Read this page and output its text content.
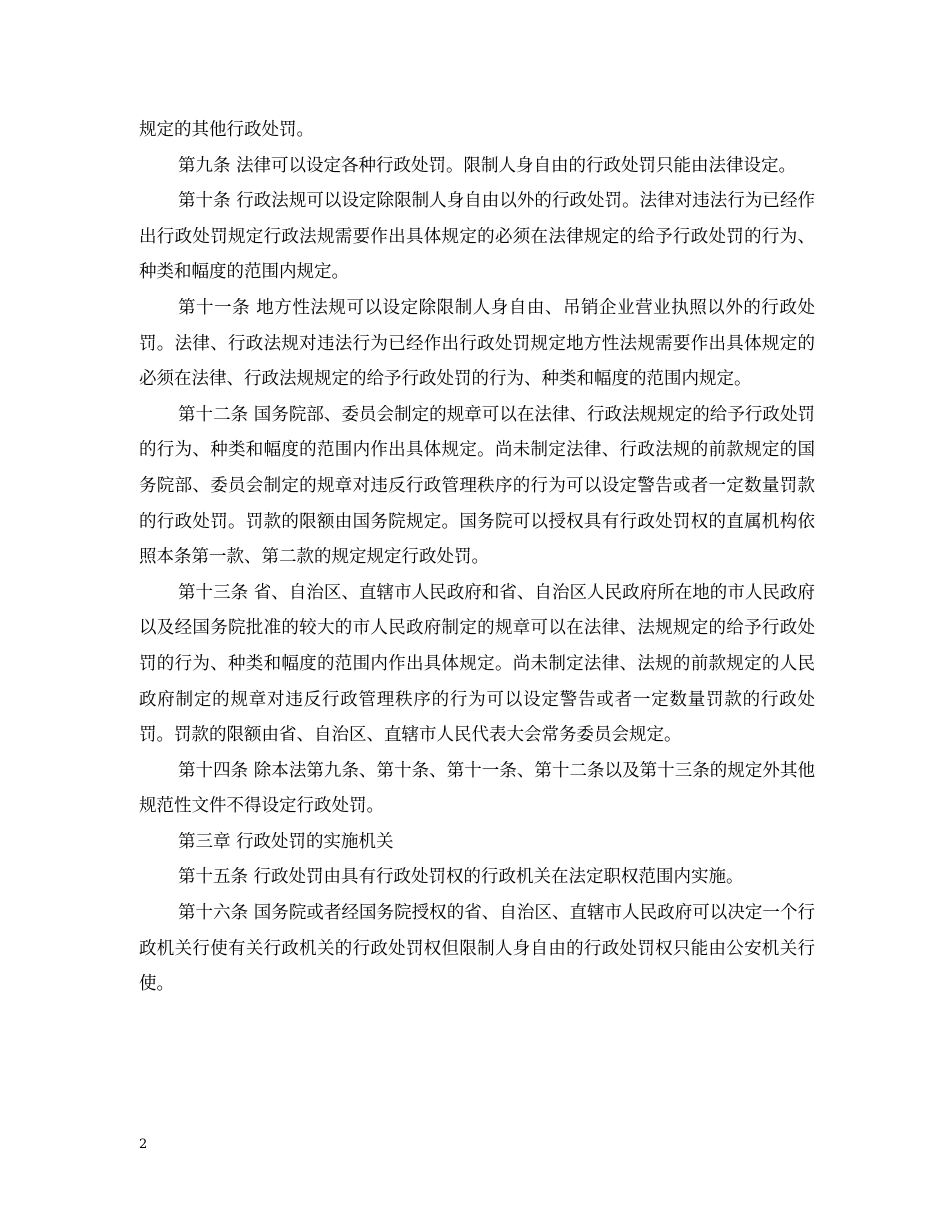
规定的其他行政处罚。

第九条 法律可以设定各种行政处罚。限制人身自由的行政处罚只能由法律设定。

第十条 行政法规可以设定除限制人身自由以外的行政处罚。法律对违法行为已经作出行政处罚规定行政法规需要作出具体规定的必须在法律规定的给予行政处罚的行为、种类和幅度的范围内规定。

第十一条 地方性法规可以设定除限制人身自由、吊销企业营业执照以外的行政处罚。法律、行政法规对违法行为已经作出行政处罚规定地方性法规需要作出具体规定的必须在法律、行政法规规定的给予行政处罚的行为、种类和幅度的范围内规定。

第十二条 国务院部、委员会制定的规章可以在法律、行政法规规定的给予行政处罚的行为、种类和幅度的范围内作出具体规定。尚未制定法律、行政法规的前款规定的国务院部、委员会制定的规章对违反行政管理秩序的行为可以设定警告或者一定数量罚款的行政处罚。罚款的限额由国务院规定。国务院可以授权具有行政处罚权的直属机构依照本条第一款、第二款的规定规定行政处罚。

第十三条 省、自治区、直辖市人民政府和省、自治区人民政府所在地的市人民政府以及经国务院批准的较大的市人民政府制定的规章可以在法律、法规规定的给予行政处罚的行为、种类和幅度的范围内作出具体规定。尚未制定法律、法规的前款规定的人民政府制定的规章对违反行政管理秩序的行为可以设定警告或者一定数量罚款的行政处罚。罚款的限额由省、自治区、直辖市人民代表大会常务委员会规定。

第十四条 除本法第九条、第十条、第十一条、第十二条以及第十三条的规定外其他规范性文件不得设定行政处罚。

第三章 行政处罚的实施机关

第十五条 行政处罚由具有行政处罚权的行政机关在法定职权范围内实施。

第十六条 国务院或者经国务院授权的省、自治区、直辖市人民政府可以决定一个行政机关行使有关行政机关的行政处罚权但限制人身自由的行政处罚权只能由公安机关行使。

2
